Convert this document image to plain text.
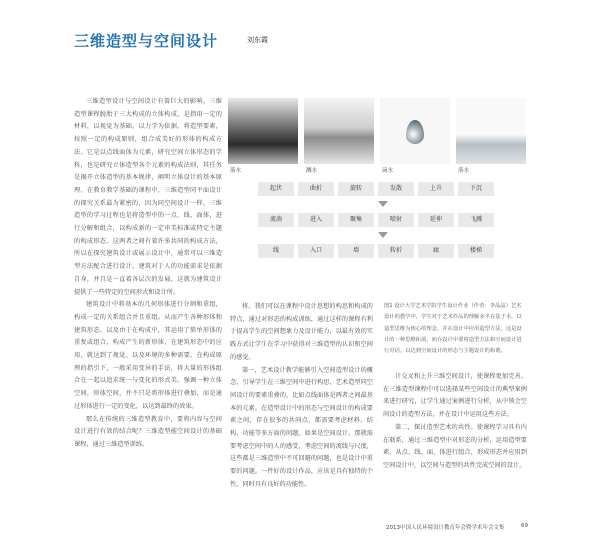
三维造型与空间设计	刘东霞

三维造型设计与空间设计有着巨大的影响。三维造型课程脱胎于三大构成的立体构成，是指用一定的材料，以视觉为基础、以力学为依据，将造型要素，按照一定的构成原则，组合成美好的形体的构成方法。它是以点线面体为元素，研究空间立体形态的学科，也是研究立体造型各个元素的构成法则，其任务是揭开立体造型的基本规律，阐明立体设计的基本原理。在教育教学基础的课程中，三维造型同平面设计的探究关系最为紧密的，因为同空间设计一样，三维造型的学习过程也是将造型中的一点、线、面体，进行分解和组合，以构成新的一定审美标准或特定主题的构成形态。这两者之间有着许多共同的构成方法，所以在探究建筑设计或展示设计中，通常可以三维造型方法配合进行设计。建筑对于人的功能需求是依据自身，并且是一直着各层次的发展，这就为建筑设计提供了一些特定的空间形式和设计所。

建筑设计中将基本的几何形体进行分割和重组，构成一定的关系组合并且重组。从而产生各种形体和建筑形态。以及由于在构成中，其运用了简单形体的重复或组合，构成产生的新形体，在建筑形态中的应用，就达到了视觉、以及环境的多种需要。在构成原理的指引下，一般采用变异的手法，将大量的形体组合在一起以追求统一与变化的形式美。强调一种立体空间，形体空间，并不只是将形体进行叠加，而是通过形体进行一定的变化，以达到最终的效果。

那么在传统的三维造型教育中，要将内容与空间设计进行有效的结合呢？三维造型能空间设计的基础课程，通过三维造型训练。

落水	溅水	滴水	落水
起伏	曲折	旋转	发散	上升	下沉
流淌	进入	聚集	喷射	延伸	飞溅
线	入口	墙	转折	廊	楼梯
图1 设计大学艺术学院学生设计作业（作者：李晶晶）艺术设计的教学中，学生对于艺术作品的理解多半在基于本，以造型思维为核心的理念，并在设计中应用造型方法，这是设计的一种思维拓展，而在设计中要将造型方法和空间设计进行对话，以达到空间设计的形态与主题设计的和谐。

将。我们可以在课程中设计思想的构思和构成的特点，通过对形态的构成训练，通过这样的课程有利于提高学生的空间想象力及设计能力，以最有效的实践方式让学生在学习中获得对三维造型的认识和空间的感觉。

第一，艺术设计教学能够引入空间造型设计的概念，引导学生在三维空间中进行构思，艺术造型同空间设计的要素重叠的，比如点线面体是两者之间最基本的元素。在造型设计中的形态与空间设计的构成要素之间，存在很多的共同点，都需要考虑材料、结构、功能等多方面的问题。如果是空间设计，那就需要考虑空间中的人的感受，考虑空间的流线与尺度，这些都是三维造型中不可回避的问题，也是设计中重要的问题。一件好的设计作品，应该是具有独特的个性，同时具有良好的功能性。

计交叉和上升三维空间设计，使课程更加完善。在三维造型课程中可以选择某些空间设计的典型案例来进行研究，让学生通过案例进行分析，从中领会空间设计的造型方法，并在设计中运用这些方法。

第二，探讨造型艺术的共性。使课程学习具有内在联系，通过三维造型中对形态的分析，运用造型要素，从点、线、面、体进行组合，形成形态并应用到空间设计中，以空间与造型的共性完成空间的设计。

2013中国人民环境设计教育年会暨学术年会文集	69
